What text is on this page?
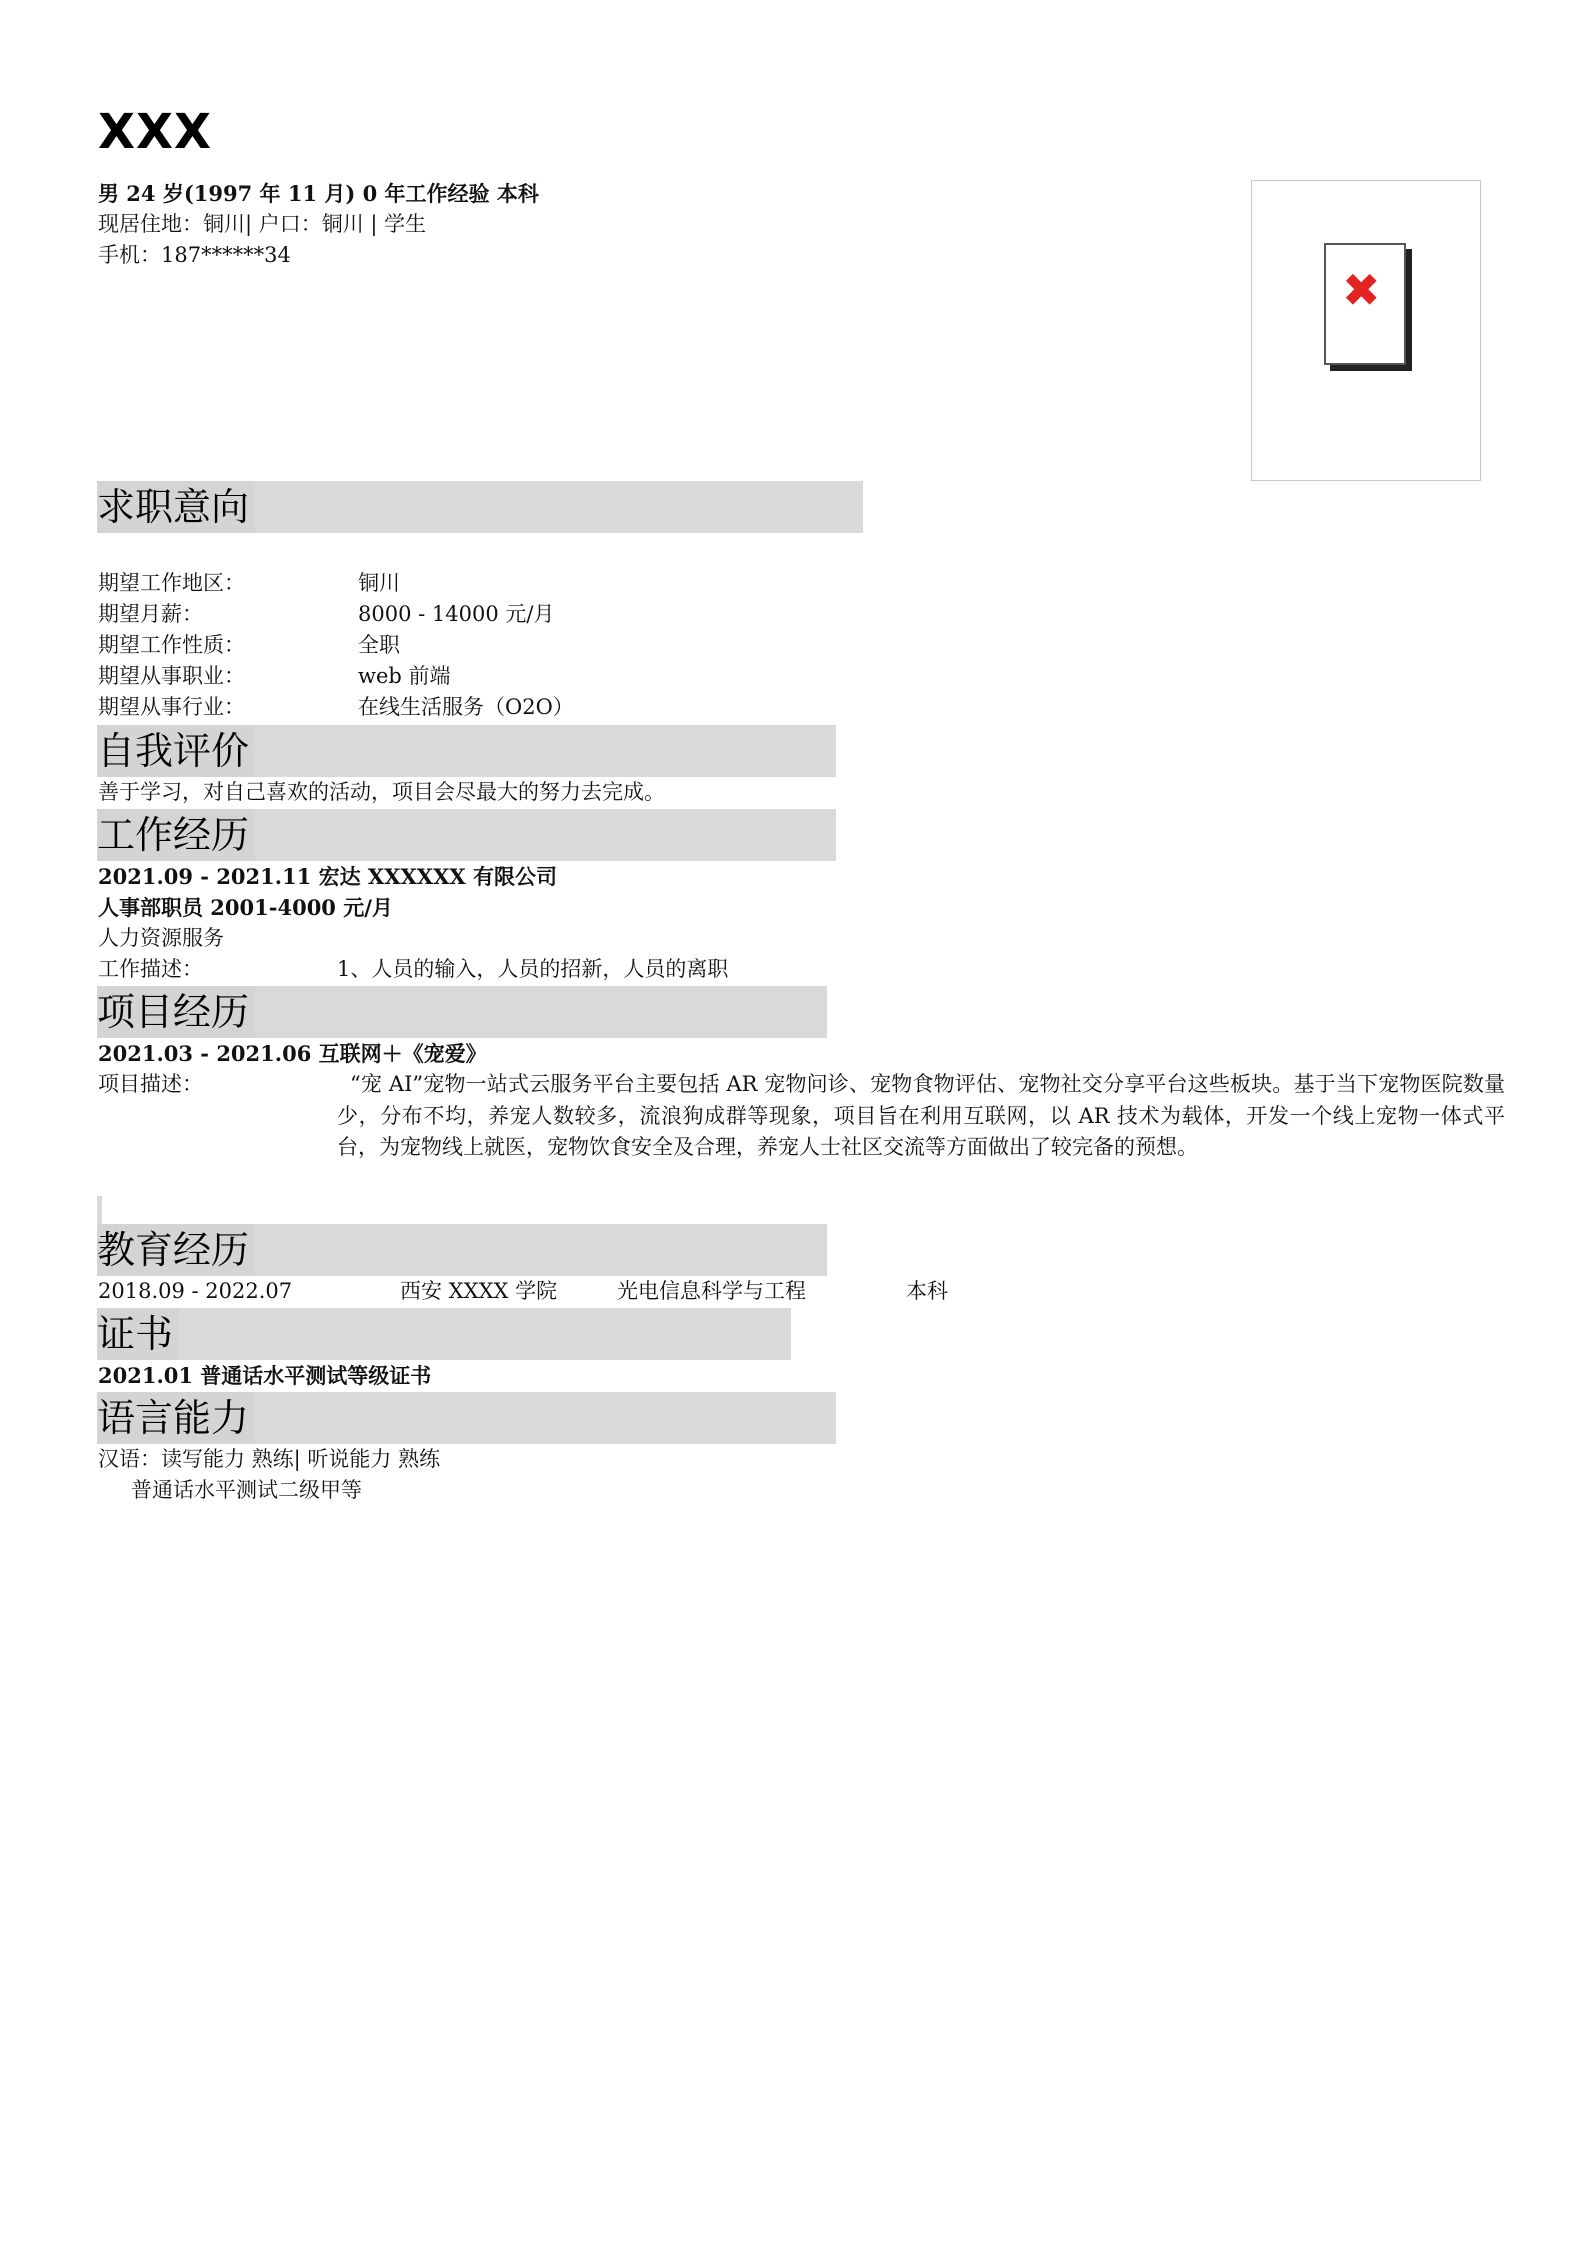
XXX
男 24 岁(1997 年 11 月) 0 年工作经验 本科
现居住地：铜川| 户口：铜川 | 学生
手机：187******34
✖
求职意向
期望工作地区：	铜川
期望月薪：	8000 - 14000 元/月
期望工作性质：	全职
期望从事职业：	web 前端
期望从事行业：	在线生活服务（O2O）
自我评价
善于学习，对自己喜欢的活动，项目会尽最大的努力去完成。
工作经历
2021.09 - 2021.11 宏达 XXXXXX 有限公司
人事部职员 2001-4000 元/月
人力资源服务
工作描述：	1、人员的输入，人员的招新，人员的离职
项目经历
2021.03 - 2021.06 互联网＋《宠爱》
项目描述：	“宠 AI”宠物一站式云服务平台主要包括 AR 宠物问诊、宠物食物评估、宠物社交分享平台这些板块。基于当下宠物医院数量少，分布不均，养宠人数较多，流浪狗成群等现象，项目旨在利用互联网，以 AR 技术为载体，开发一个线上宠物一体式平台，为宠物线上就医，宠物饮食安全及合理，养宠人士社区交流等方面做出了较完备的预想。
教育经历
2018.09 - 2022.07	西安 XXXX 学院	光电信息科学与工程	本科
证书
2021.01 普通话水平测试等级证书
语言能力
汉语：读写能力 熟练| 听说能力 熟练
普通话水平测试二级甲等
